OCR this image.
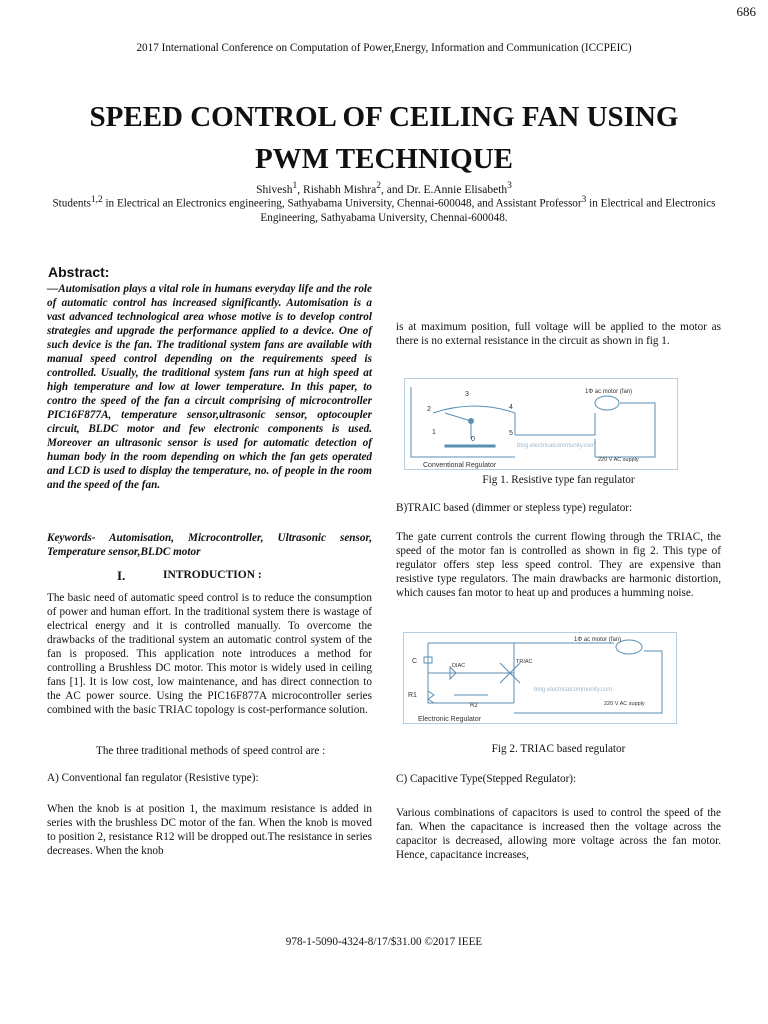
686
2017 International Conference on Computation of Power,Energy, Information and Communication (ICCPEIC)
SPEED CONTROL OF CEILING FAN USING
PWM TECHNIQUE
Shivesh$^1$, Rishabh Mishra$^2$, and Dr. E.Annie Elisabeth$^3$
Students$^{1,2}$ in Electrical an Electronics engineering, Sathyabama University, Chennai-600048, and Assistant Professor$^3$ in Electrical and Electronics Engineering, Sathyabama University, Chennai-600048.
Abstract:

—Automisation plays a vital role in humans everyday life and the role of automatic control has increased significantly. Automisation is a vast advanced technological area whose motive is to develop control strategies and upgrade the performance applied to a device. One of such device is the fan. The traditional system fans are available with manual speed control depending on the requirements speed is controlled. Usually, the traditional system fans run at high speed at high temperature and low at lower temperature. In this paper, to contro the speed of the fan a circuit comprising of microcontroller PIC16F877A, temperature sensor,ultrasonic sensor, optocoupler circuit, BLDC motor and few electronic components is used. Moreover an ultrasonic sensor is used for automatic detection of human body in the room depending on which the fan gets operated and LCD is used to display the temperature, no. of people in the room and the speed of the fan.

Keywords- Automisation, Microcontroller, Ultrasonic sensor, Temperature sensor,BLDC motor

I.	INTRODUCTION :

The basic need of automatic speed control is to reduce the consumption of power and human effort. In the traditional system there is wastage of electrical energy and it is controlled manually. To overcome the drawbacks of the traditional system an automatic control system of the fan is proposed. This application note introduces a method for controlling a Brushless DC motor. This motor is widely used in ceiling fans [1]. It is low cost, low maintenance, and has direct connection to the AC power source. Using the PIC16F877A microcontroller series combined with the basic TRIAC topology is cost-performance solution.

The three traditional methods of speed control are :

A) Conventional fan regulator (Resistive type):

When the knob is at position 1, the maximum resistance is added in series with the brushless DC motor of the fan. When the knob is moved to position 2, resistance R12 will be dropped out.The resistance in series decreases. When the knob

is at maximum position, full voltage will be applied to the motor as there is no external resistance in the circuit as shown in fig 1.

2
3
4
1	5
0
1Φ ac motor (fan)
220 V AC supply
blog.electricalcommunity.com
Conventional Regulator
Fig 1. Resistive type fan regulator

B)TRAIC based (dimmer or stepless type) regulator:

The gate current controls the current flowing through the TRIAC, the speed of the motor fan is controlled as shown in fig 2. This type of regulator offers step less speed control. They are expensive than resistive type regulators. The main drawbacks are harmonic distortion, which causes fan motor to heat up and produces a humming noise.

C
DIAC
TRIAC
R1
R2
1Φ ac motor (fan)
220 V AC supply
blog.electricalcommunity.com
Electronic Regulator
Fig 2. TRIAC based regulator

C) Capacitive Type(Stepped Regulator):

Various combinations of capacitors is used to control the speed of the fan. When the capacitance is increased then the voltage across the capacitor is decreased, allowing more voltage across the fan motor. Hence, capacitance increases,

978-1-5090-4324-8/17/$31.00 ©2017 IEEE
